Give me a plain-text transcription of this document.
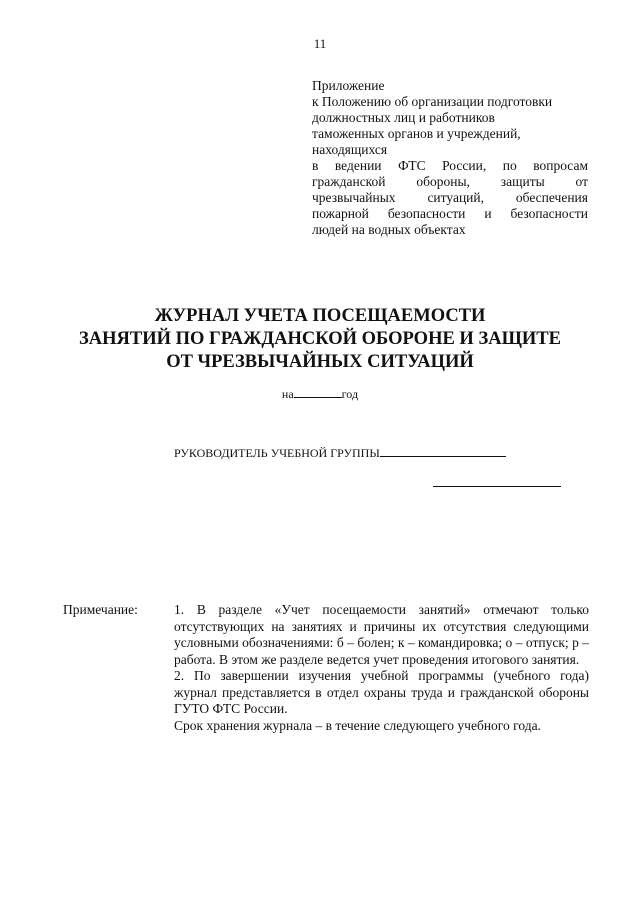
11
Приложение
к Положению об организации подготовки
должностных лиц и работников
таможенных органов и учреждений,
находящихся
в ведении ФТС России, по вопросам
гражданской обороны, защиты от
чрезвычайных ситуаций, обеспечения
пожарной безопасности и безопасности
людей на водных объектах
ЖУРНАЛ УЧЕТА ПОСЕЩАЕМОСТИ
ЗАНЯТИЙ ПО ГРАЖДАНСКОЙ ОБОРОНЕ И ЗАЩИТЕ
ОТ ЧРЕЗВЫЧАЙНЫХ СИТУАЦИЙ
на	год
РУКОВОДИТЕЛЬ УЧЕБНОЙ ГРУППЫ
Примечание:	1. В разделе «Учет посещаемости занятий» отмечают только отсутствующих на занятиях и причины их отсутствия следующими условными обозначениями: б – болен; к – командировка; о – отпуск; р – работа. В этом же разделе ведется учет проведения итогового занятия.

2. По завершении изучения учебной программы (учебного года) журнал представляется в отдел охраны труда и гражданской обороны ГУТО ФТС России.

Срок хранения журнала – в течение следующего учебного года.
